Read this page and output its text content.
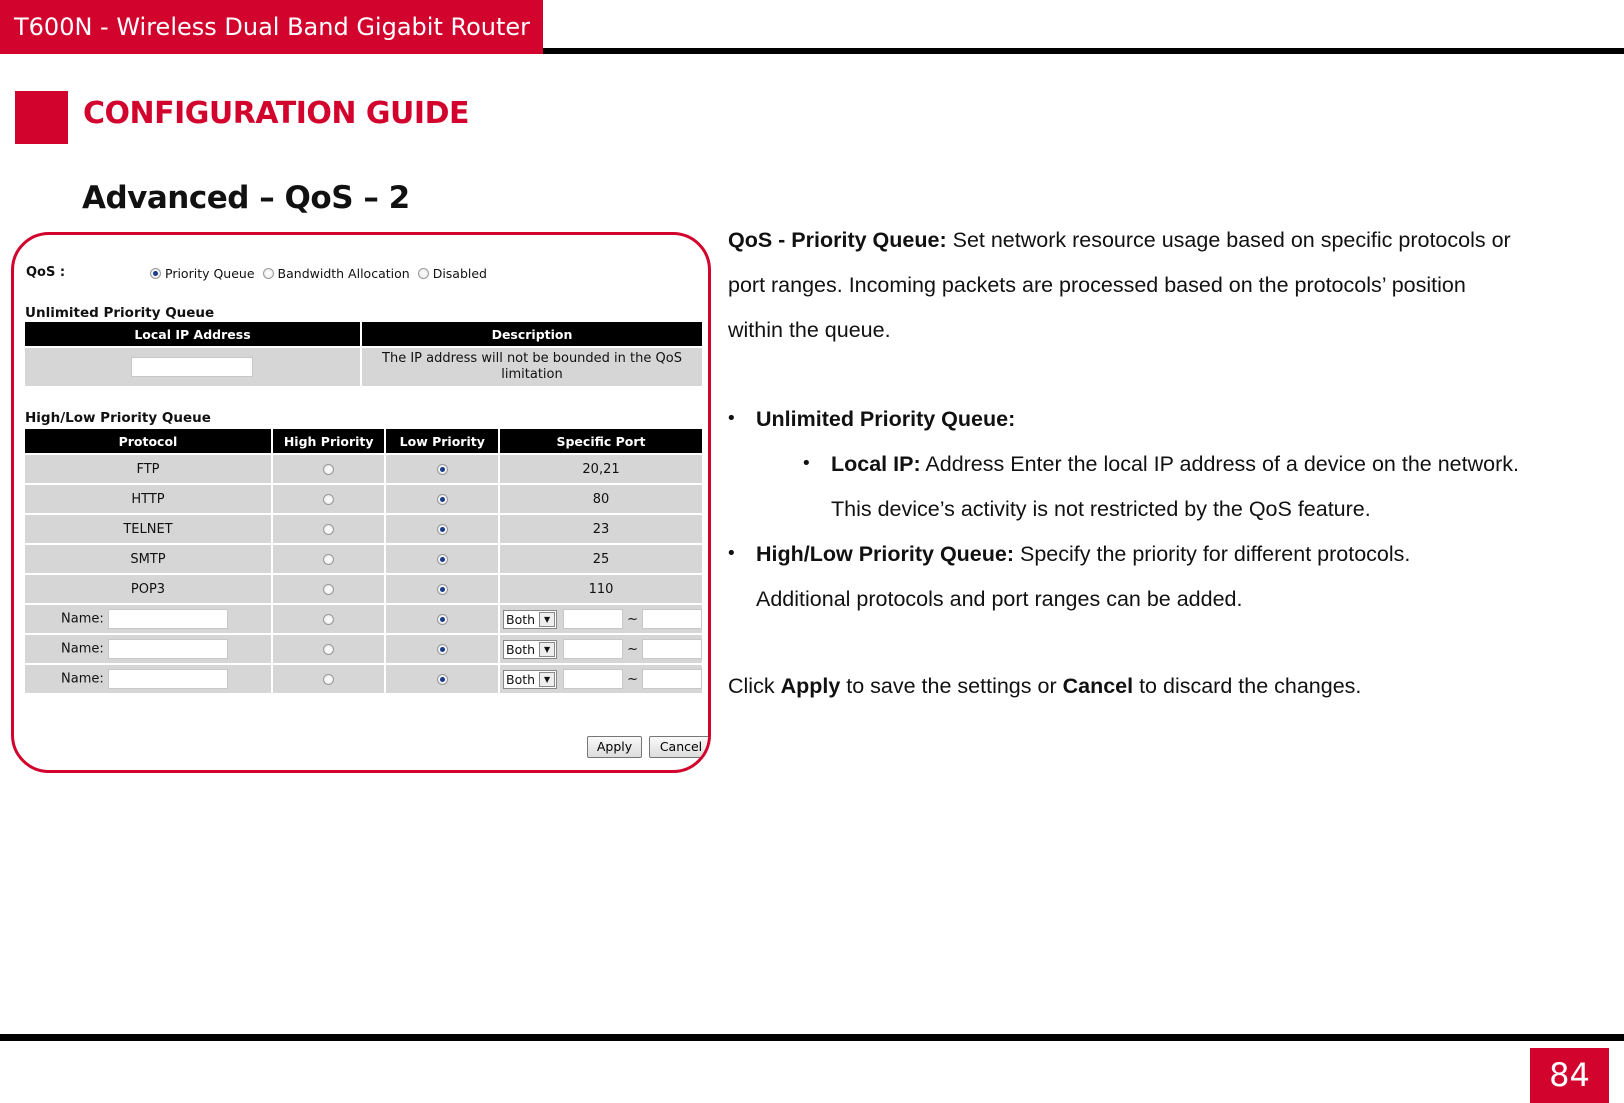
T600N - Wireless Dual Band Gigabit Router
CONFIGURATION GUIDE
Advanced – QoS – 2
QoS :	Priority Queue Bandwidth Allocation Disabled
Unlimited Priority Queue
Local IP Address	Description

	The IP address will not be bounded in the QoS
limitation
High/Low Priority Queue
Protocol	High Priority	Low Priority	Specific Port
FTP			20,21
HTTP			80
TELNET			23
SMTP			25
POP3			110
Name:			Both ▼ ~
Name:			Both ▼ ~
Name:			Both ▼ ~
Apply	Cancel
QoS - Priority Queue: Set network resource usage based on specific protocols or
port ranges. Incoming packets are processed based on the protocols’ position
within the queue.
• Unlimited Priority Queue:
• Local IP: Address Enter the local IP address of a device on the network.
This device’s activity is not restricted by the QoS feature.
• High/Low Priority Queue: Specify the priority for different protocols.
Additional protocols and port ranges can be added.
Click Apply to save the settings or Cancel to discard the changes.
84
